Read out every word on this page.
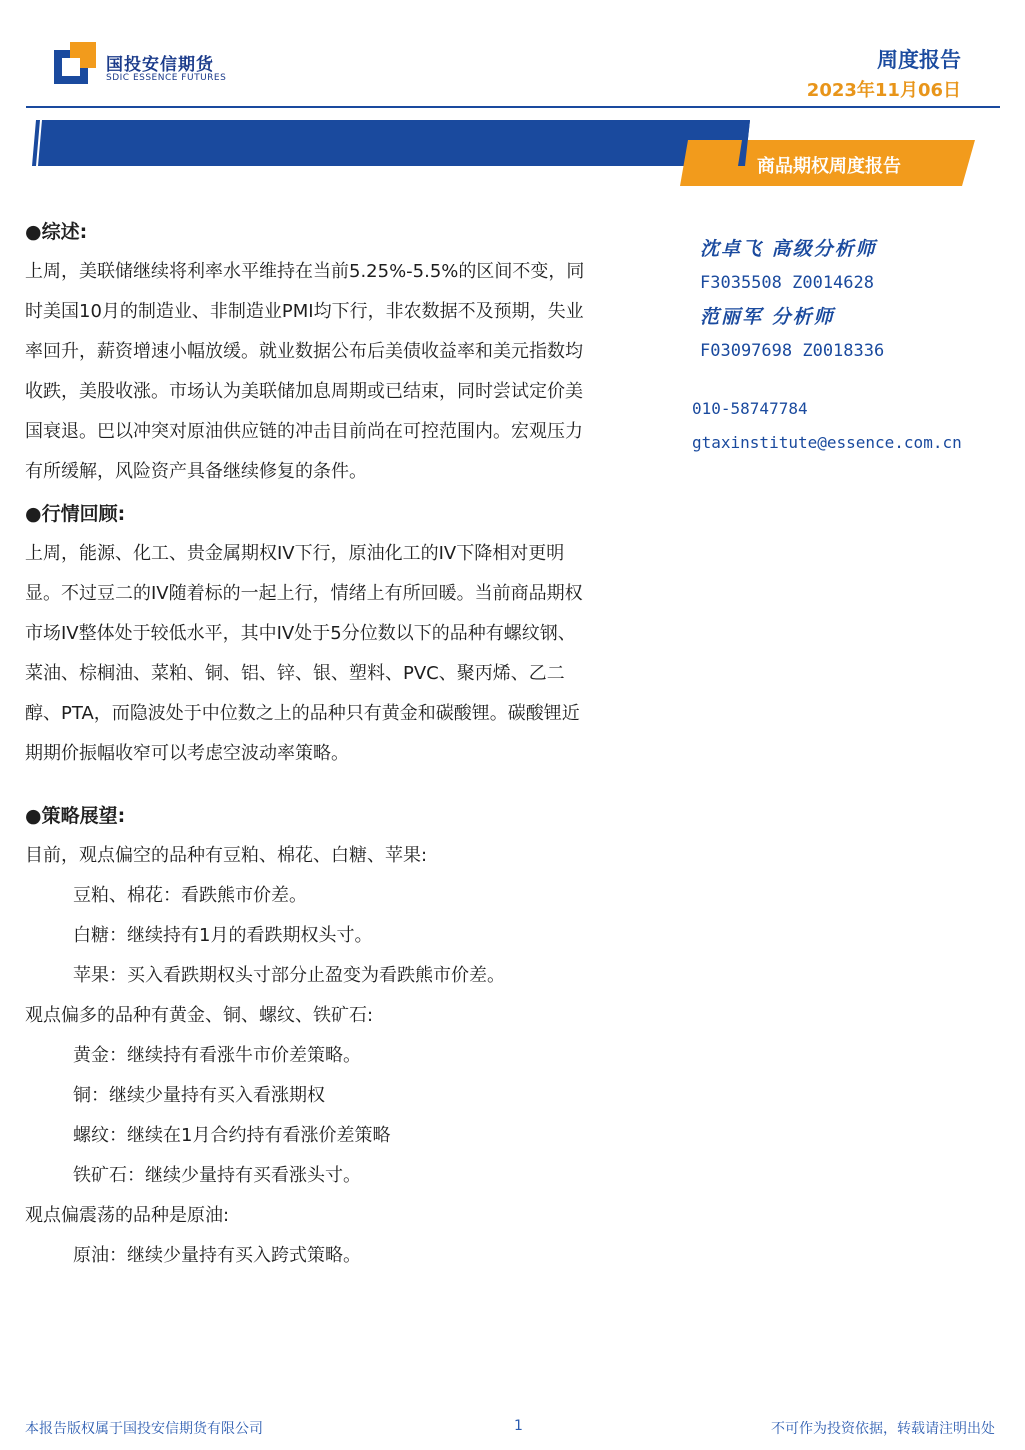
国投安信期货
SDIC ESSENCE FUTURES
周度报告
2023年11月06日
商品期权周度报告
●综述:

上周，美联储继续将利率水平维持在当前5.25%-5.5%的区间不变，同时美国10月的制造业、非制造业PMI均下行，非农数据不及预期，失业率回升，薪资增速小幅放缓。就业数据公布后美债收益率和美元指数均收跌，美股收涨。市场认为美联储加息周期或已结束，同时尝试定价美国衰退。巴以冲突对原油供应链的冲击目前尚在可控范围内。宏观压力有所缓解，风险资产具备继续修复的条件。

●行情回顾:

上周，能源、化工、贵金属期权IV下行，原油化工的IV下降相对更明显。不过豆二的IV随着标的一起上行，情绪上有所回暖。当前商品期权市场IV整体处于较低水平，其中IV处于5分位数以下的品种有螺纹钢、菜油、棕榈油、菜粕、铜、铝、锌、银、塑料、PVC、聚丙烯、乙二醇、PTA，而隐波处于中位数之上的品种只有黄金和碳酸锂。碳酸锂近期期价振幅收窄可以考虑空波动率策略。

●策略展望:
目前，观点偏空的品种有豆粕、棉花、白糖、苹果:
豆粕、棉花：看跌熊市价差。
白糖：继续持有1月的看跌期权头寸。
苹果：买入看跌期权头寸部分止盈变为看跌熊市价差。
观点偏多的品种有黄金、铜、螺纹、铁矿石:
黄金：继续持有看涨牛市价差策略。
铜：继续少量持有买入看涨期权
螺纹：继续在1月合约持有看涨价差策略
铁矿石：继续少量持有买看涨头寸。
观点偏震荡的品种是原油:
原油：继续少量持有买入跨式策略。
沈卓飞 高级分析师
F3035508 Z0014628
范丽军 分析师
F03097698 Z0018336
010-58747784
gtaxinstitute@essence.com.cn
本报告版权属于国投安信期货有限公司	1	不可作为投资依据，转载请注明出处
